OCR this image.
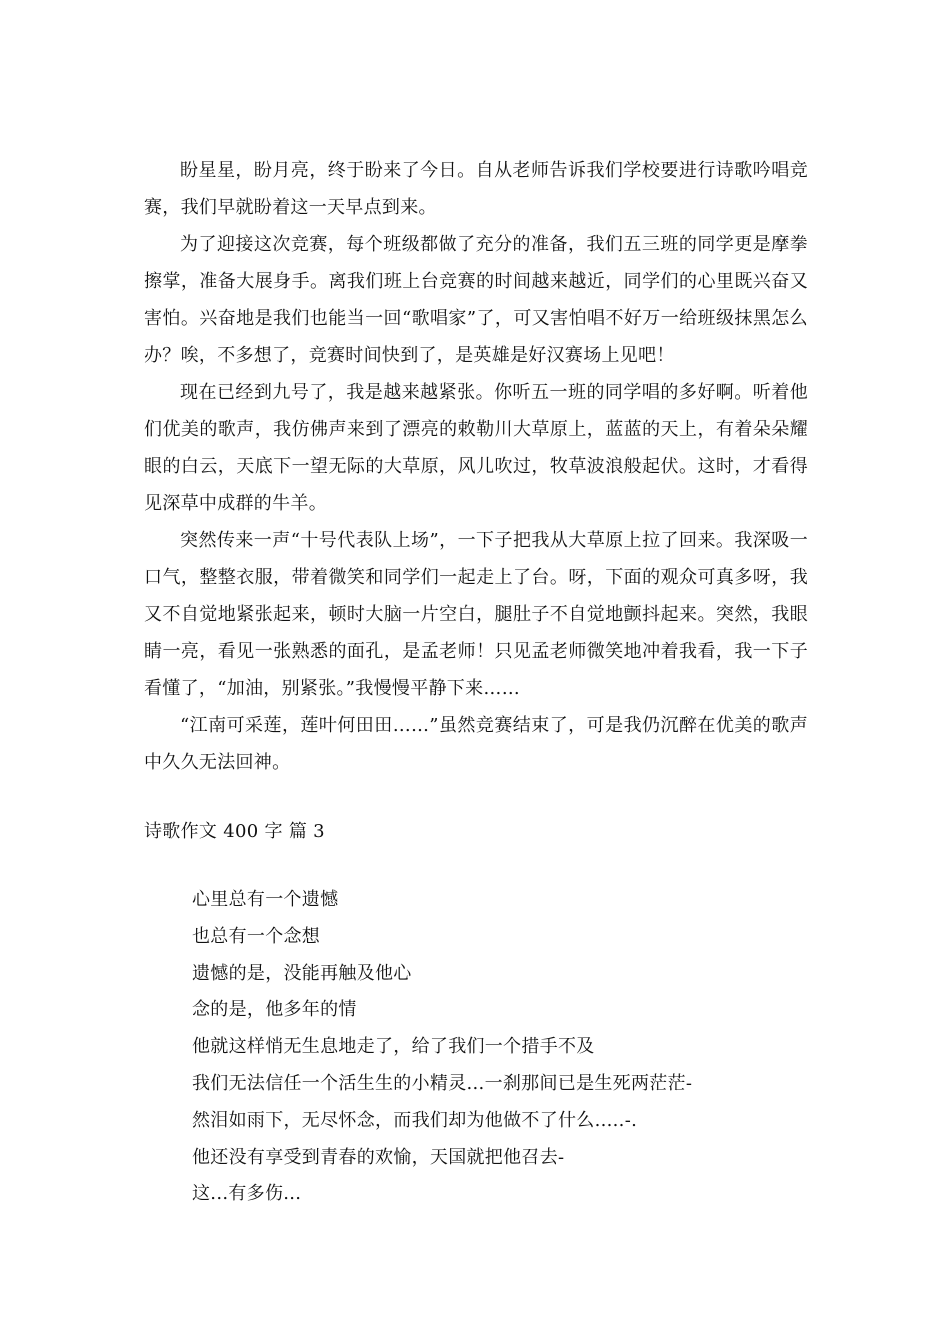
盼星星，盼月亮，终于盼来了今日。自从老师告诉我们学校要进行诗歌吟唱竞赛，我们早就盼着这一天早点到来。

为了迎接这次竞赛，每个班级都做了充分的准备，我们五三班的同学更是摩拳擦掌，准备大展身手。离我们班上台竞赛的时间越来越近，同学们的心里既兴奋又害怕。兴奋地是我们也能当一回“歌唱家”了，可又害怕唱不好万一给班级抹黑怎么办？唉，不多想了，竞赛时间快到了，是英雄是好汉赛场上见吧！

现在已经到九号了，我是越来越紧张。你听五一班的同学唱的多好啊。听着他们优美的歌声，我仿佛声来到了漂亮的敕勒川大草原上，蓝蓝的天上，有着朵朵耀眼的白云，天底下一望无际的大草原，风儿吹过，牧草波浪般起伏。这时，才看得见深草中成群的牛羊。

突然传来一声“十号代表队上场”，一下子把我从大草原上拉了回来。我深吸一口气，整整衣服，带着微笑和同学们一起走上了台。呀，下面的观众可真多呀，我又不自觉地紧张起来，顿时大脑一片空白，腿肚子不自觉地颤抖起来。突然，我眼睛一亮，看见一张熟悉的面孔，是孟老师！只见孟老师微笑地冲着我看，我一下子看懂了，“加油，别紧张。”我慢慢平静下来……

“江南可采莲，莲叶何田田……”虽然竞赛结束了，可是我仍沉醉在优美的歌声中久久无法回神。

诗歌作文 400 字 篇 3
心里总有一个遗憾
也总有一个念想
遗憾的是，没能再触及他心
念的是，他多年的情
他就这样悄无生息地走了，给了我们一个措手不及
我们无法信任一个活生生的小精灵...一刹那间已是生死两茫茫-
然泪如雨下，无尽怀念，而我们却为他做不了什么.....-.
他还没有享受到青春的欢愉，天国就把他召去-
这...有多伤...
